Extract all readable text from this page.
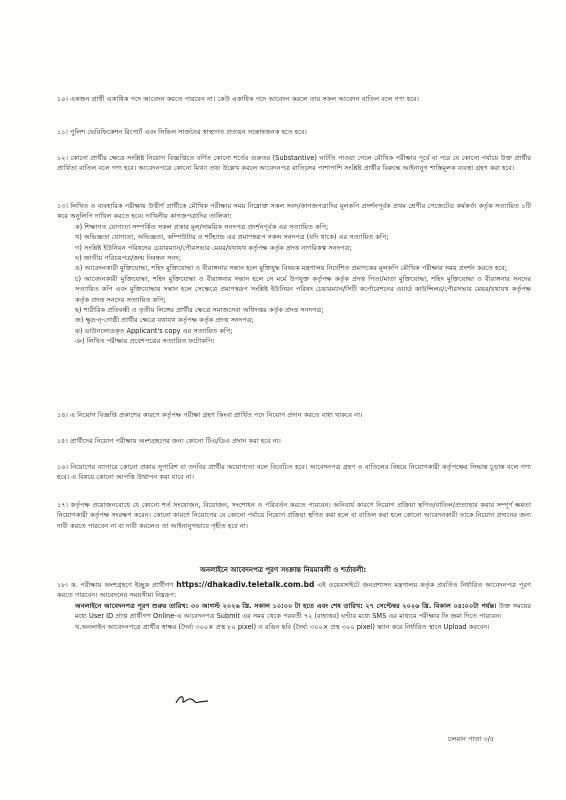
১০। একজন প্রার্থী একাধিক পদে আবেদন করতে পারবেন না। কেউ একাধিক পদে আবেদন করলে তার সকল আবেদন বাতিল বলে গণ্য হবে।

১১। পুলিশ ভেরিফিকেশন রিপোর্ট এবং সিভিল সার্জনের স্বাস্থ্যগত প্রত্যয়ন সন্তোষজনক হতে হবে।

১২। কোনো প্রার্থীর ক্ষেত্রে সংশ্লিষ্ট নিয়োগ বিজ্ঞপ্তিতে বর্ণিত কোনো শর্তের গুরুতর (Substantive) ঘাটতি পাওয়া গেলে মৌখিক পরীক্ষার পূর্বে বা পরে যে কোনো পর্যায়ে উক্ত প্রার্থীর প্রার্থিতা বাতিল বলে গণ্য হবে। আবেদনপত্রে কোনো মিথ্যা তথ্য উল্লেখ করলে আবেদনপত্র বাতিলের পাশাপাশি সংশ্লিষ্ট প্রার্থীর বিরুদ্ধে আইনানুগ শাস্তিমূলক ব্যবস্থা গ্রহণ করা হবে।

১৩। লিখিত ও ব্যবহারিক পরীক্ষায় উত্তীর্ণ প্রার্থীকে মৌখিক পরীক্ষার সময় নিম্নোক্ত সকল সনদ/কাগজপত্রাদির মূলকপি প্রদর্শনপূর্বক প্রথম শ্রেণীর গেজেটেড কর্মকর্তা কর্তৃক সত্যায়িত ১টি করে অনুলিপি দাখিল করতে হবে। দাখিলীয় কাগজপত্রাদির তালিকা:

ক) শিক্ষাগত যোগ্যতা সম্পর্কিত সকল প্রকার মূল/সাময়িক সনদপত্র প্রদর্শনপূর্বক এর সত্যায়িত কপি;

খ) অভিজ্ঞতা যোগ্যতা, অভিজ্ঞতা, কম্পিউটার ও শর্টহ্যান্ড এর প্রমাণস্বরূপ সকল সনদপত্র (যদি থাকে) এর সত্যায়িত কপি;

গ) সংশ্লিষ্ট ইউনিয়ন পরিষদের চেয়ারম্যান/পৌরসভার মেয়র/যথাযথ কর্তৃপক্ষ কর্তৃক প্রদত্ত নাগরিকত্ব সনদপত্র;

ঘ) জাতীয় পরিচয়পত্র/জন্ম নিবন্ধন সনদ;

ঙ) আবেদনকারী মুক্তিযোদ্ধা, শহিদ মুক্তিযোদ্ধা ও বীরাঙ্গনার সন্তান হলে মুক্তিযুদ্ধ বিষয়ক মন্ত্রণালয় নির্দেশিত প্রমাণকের মূলকপি মৌখিক পরীক্ষার সময় প্রদর্শন করতে হবে;

চ) আবেদনকারী মুক্তিযোদ্ধা, শহিদ মুক্তিযোদ্ধা ও বীরাঙ্গনার সন্তান হলে সে মর্মে উপযুক্ত কর্তৃপক্ষ কর্তৃক প্রদত্ত পিতা/মাতা মুক্তিযোদ্ধা, শহিদ মুক্তিযোদ্ধা ও বীরাঙ্গনার সনদের সত্যায়িত কপি এবং মুক্তিযোদ্ধার সন্তান হলে সেক্ষেত্রে প্রমাণস্বরূপ সংশ্লিষ্ট ইউনিয়ন পরিষদ চেয়ারম্যান/সিটি কর্পোরেশনের ওয়ার্ড কাউন্সিলর/পৌরসভার মেয়র/যথাযথ কর্তৃপক্ষ কর্তৃক প্রদত্ত সনদের সত্যায়িত কপি;

ছ) শারীরিক প্রতিবন্ধী ও তৃতীয় লিঙ্গের প্রার্থীর ক্ষেত্রে সমাজসেবা অধিদপ্তর কর্তৃক প্রদত্ত সনদপত্র;

জ) ক্ষুদ্র-নৃ-গোষ্ঠী প্রার্থীর ক্ষেত্রে যথাযথ কর্তৃপক্ষ কর্তৃক প্রদত্ত সনদপত্র;

ঝ) ডাউনলোডকৃত Applicant's copy এর সত্যায়িত কপি;

ঞ) লিখিত পরীক্ষার প্রবেশপত্রের সত্যায়িত ফটোকপি।

১৪। এ নিয়োগ বিজ্ঞপ্তি প্রকাশের কারণে কর্তৃপক্ষ পরীক্ষা গ্রহণ কিংবা প্রার্থিত পদে নিয়োগ প্রদান করতে বাধ্য থাকবে না।

১৫। প্রার্থীদের নিয়োগ পরীক্ষায় অংশগ্রহণের জন্য কোনো টিএ/ডিএ প্রদান করা হবে না।

১৬। নিয়োগের ব্যাপারে কোনো প্রকার সুপারিশ বা তদবির প্রার্থীর অযোগ্যতা বলে বিবেচিত হবে। আবেদনপত্র গ্রহণ ও বাতিলের বিষয়ে নিয়োগকারী কর্তৃপক্ষের সিদ্ধান্ত চূড়ান্ত বলে গণ্য হবে। এ বিষয়ে কোনো আপত্তি উত্থাপন করা যাবে না।

১৭। কর্তৃপক্ষ প্রয়োজনবোধে যে কোনো শর্ত সংযোজন, বিয়োজন, সংশোধন ও পরিবর্তন করতে পারবেন। অনিবার্য কারণে নিয়োগ প্রক্রিয়া স্থগিত/বাতিল/প্রত্যাহার করার সম্পূর্ণ ক্ষমতা নিয়োগকারী কর্তৃপক্ষ সংরক্ষণ করেন। কোনো কারণে নিয়োগের যে কোনো পর্যায়ে নিয়োগ প্রক্রিয়া স্থগিত করা হলে বা বাতিল করা হলে কোনো আবেদনকারী তাকে নিয়োগ প্রদানের জন্য দাবী করতে পারবেন না বা দাবী করলেও তা আইনানুগভাবে গৃহীত হবে না।

অনলাইনে আবেদনপত্র পূরণ সংক্রান্ত নিয়মাবলী ও শর্তাবলী:

১৮। ক. পরীক্ষায় অংশগ্রহণে ইচ্ছুক প্রার্থীগণ https://dhakadiv.teletalk.com.bd এই ওয়েবসাইটে জনপ্রশাসন মন্ত্রণালয় কর্তৃক প্রবর্তিত নির্ধারিত আবেদনপত্র পূরণ করতে পারবেন। আবেদনের সময়সীমা নিম্নরূপ:

অনলাইনে আবেদনপত্র পূরণ শুরুর তারিখ: ৩০ আগস্ট ২০২৬ খ্রি. সকাল ১০:০০ টা হতে এবং শেষ তারিখ: ২৭ সেপ্টেম্বর ২০২৬ খ্রি. বিকাল ০৪:০০টা পর্যন্ত। উক্ত সময়ের মধ্যে User ID প্রাপ্ত প্রার্থীগণ Online-এ আবেদনপত্র Submit এর সময় থেকে পরবর্তী ৭২ (বাহাত্তর) ঘণ্টার মধ্যে SMS এর মাধ্যমে পরীক্ষার ফি জমা দিতে পারবেন।

খ.অনলাইন আবেদনপত্রে প্রার্থীর স্বাক্ষর (দৈর্ঘ্য ৩০০× প্রস্থ ৮০ pixel) ও রঙিন ছবি (দৈর্ঘ্য ৩০০× প্রস্থ ৩০০ pixel) স্ক্যান করে নির্ধারিত স্থানে Upload করবেন।

চলমান পাতা ৩/৫
